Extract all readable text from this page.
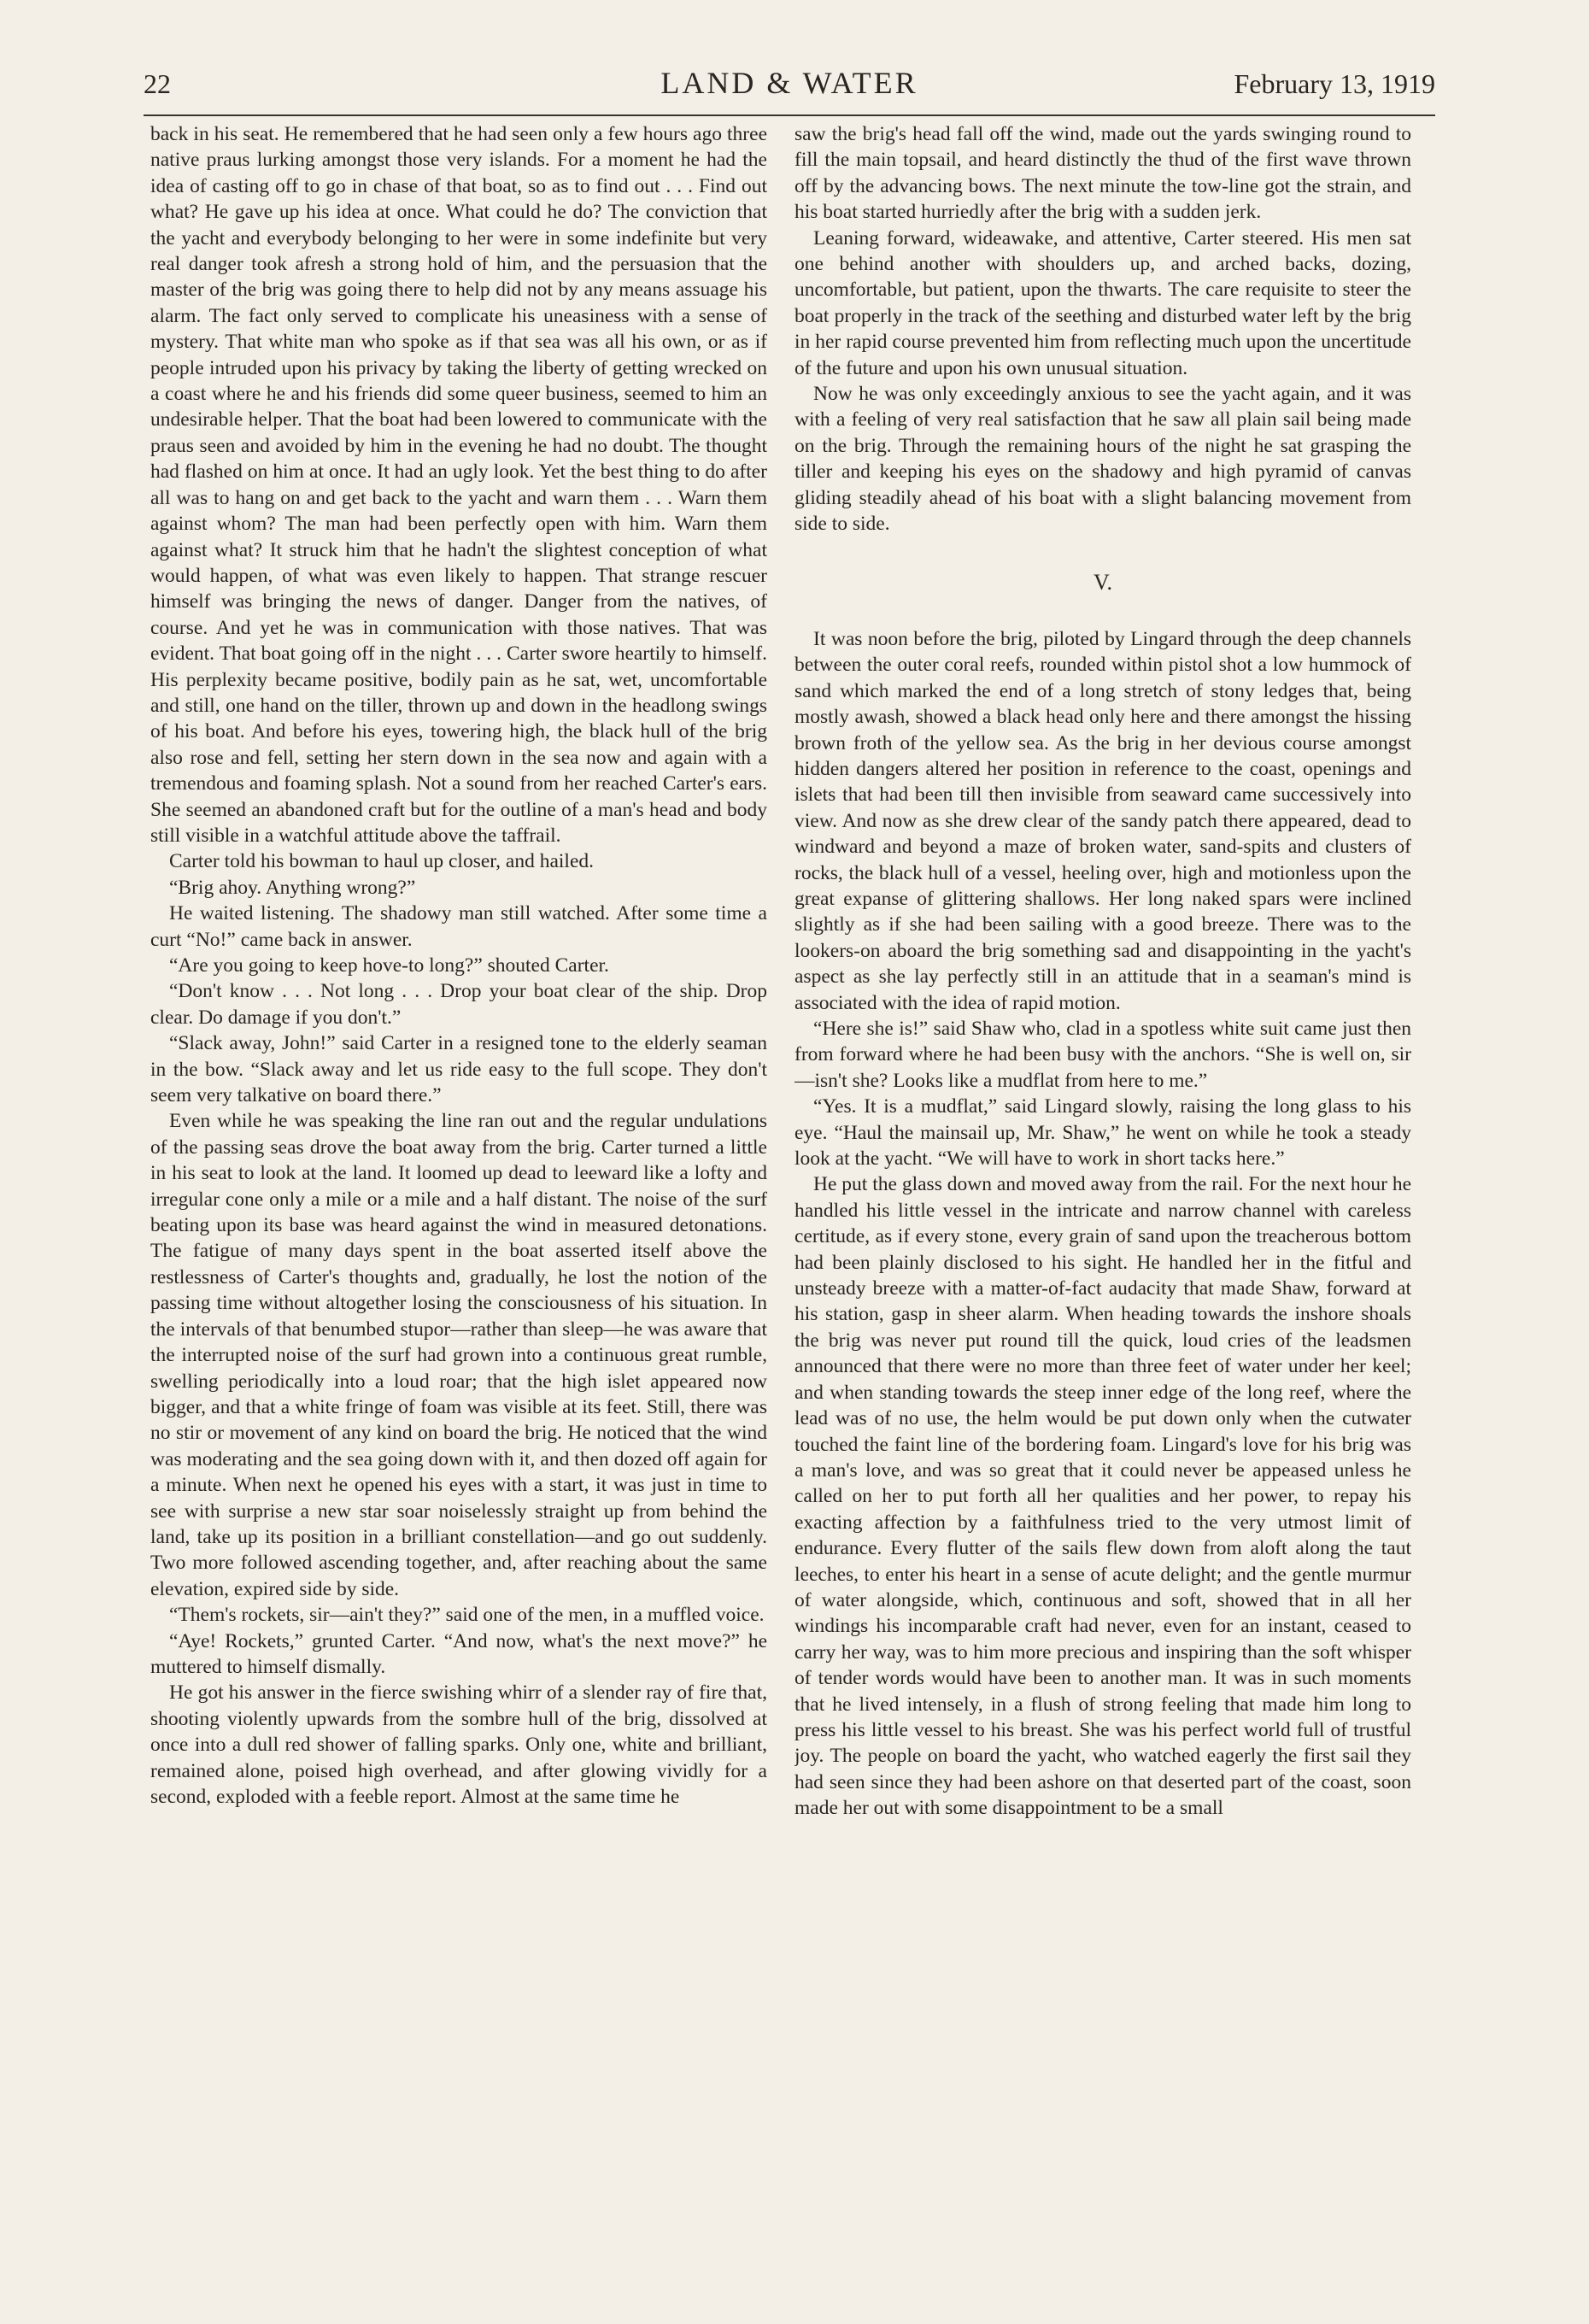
22	LAND & WATER	February 13, 1919

back in his seat. He remembered that he had seen only a few hours ago three native praus lurking amongst those very islands. For a moment he had the idea of casting off to go in chase of that boat, so as to find out . . . Find out what? He gave up his idea at once. What could he do? The conviction that the yacht and everybody belonging to her were in some indefinite but very real danger took afresh a strong hold of him, and the persuasion that the master of the brig was going there to help did not by any means assuage his alarm. The fact only served to complicate his uneasiness with a sense of mystery. That white man who spoke as if that sea was all his own, or as if people intruded upon his privacy by taking the liberty of getting wrecked on a coast where he and his friends did some queer business, seemed to him an undesirable helper. That the boat had been lowered to communicate with the praus seen and avoided by him in the evening he had no doubt. The thought had flashed on him at once. It had an ugly look. Yet the best thing to do after all was to hang on and get back to the yacht and warn them . . . Warn them against whom? The man had been perfectly open with him. Warn them against what? It struck him that he hadn't the slightest conception of what would happen, of what was even likely to happen. That strange rescuer himself was bringing the news of danger. Danger from the natives, of course. And yet he was in communication with those natives. That was evident. That boat going off in the night . . . Carter swore heartily to himself. His perplexity became positive, bodily pain as he sat, wet, uncomfortable and still, one hand on the tiller, thrown up and down in the headlong swings of his boat. And before his eyes, towering high, the black hull of the brig also rose and fell, setting her stern down in the sea now and again with a tremendous and foaming splash. Not a sound from her reached Carter's ears. She seemed an abandoned craft but for the outline of a man's head and body still visible in a watchful attitude above the taffrail.

Carter told his bowman to haul up closer, and hailed.

“Brig ahoy. Anything wrong?”

He waited listening. The shadowy man still watched. After some time a curt “No!” came back in answer.

“Are you going to keep hove-to long?” shouted Carter.

“Don't know . . . Not long . . . Drop your boat clear of the ship. Drop clear. Do damage if you don't.”

“Slack away, John!” said Carter in a resigned tone to the elderly seaman in the bow. “Slack away and let us ride easy to the full scope. They don't seem very talkative on board there.”

Even while he was speaking the line ran out and the regular undulations of the passing seas drove the boat away from the brig. Carter turned a little in his seat to look at the land. It loomed up dead to leeward like a lofty and irregular cone only a mile or a mile and a half distant. The noise of the surf beating upon its base was heard against the wind in measured detonations. The fatigue of many days spent in the boat asserted itself above the restlessness of Carter's thoughts and, gradually, he lost the notion of the passing time without altogether losing the consciousness of his situation. In the intervals of that benumbed stupor—rather than sleep—he was aware that the interrupted noise of the surf had grown into a continuous great rumble, swelling periodically into a loud roar; that the high islet appeared now bigger, and that a white fringe of foam was visible at its feet. Still, there was no stir or movement of any kind on board the brig. He noticed that the wind was moderating and the sea going down with it, and then dozed off again for a minute. When next he opened his eyes with a start, it was just in time to see with surprise a new star soar noiselessly straight up from behind the land, take up its position in a brilliant constellation—and go out suddenly. Two more followed ascending together, and, after reaching about the same elevation, expired side by side.

“Them's rockets, sir—ain't they?” said one of the men, in a muffled voice.

“Aye! Rockets,” grunted Carter. “And now, what's the next move?” he muttered to himself dismally.

He got his answer in the fierce swishing whirr of a slender ray of fire that, shooting violently upwards from the sombre hull of the brig, dissolved at once into a dull red shower of falling sparks. Only one, white and brilliant, remained alone, poised high overhead, and after glowing vividly for a second, exploded with a feeble report. Almost at the same time he

saw the brig's head fall off the wind, made out the yards swinging round to fill the main topsail, and heard distinctly the thud of the first wave thrown off by the advancing bows. The next minute the tow-line got the strain, and his boat started hurriedly after the brig with a sudden jerk.

Leaning forward, wideawake, and attentive, Carter steered. His men sat one behind another with shoulders up, and arched backs, dozing, uncomfortable, but patient, upon the thwarts. The care requisite to steer the boat properly in the track of the seething and disturbed water left by the brig in her rapid course prevented him from reflecting much upon the uncertitude of the future and upon his own unusual situation.

Now he was only exceedingly anxious to see the yacht again, and it was with a feeling of very real satisfaction that he saw all plain sail being made on the brig. Through the remaining hours of the night he sat grasping the tiller and keeping his eyes on the shadowy and high pyramid of canvas gliding steadily ahead of his boat with a slight balancing movement from side to side.

V.

It was noon before the brig, piloted by Lingard through the deep channels between the outer coral reefs, rounded within pistol shot a low hummock of sand which marked the end of a long stretch of stony ledges that, being mostly awash, showed a black head only here and there amongst the hissing brown froth of the yellow sea. As the brig in her devious course amongst hidden dangers altered her position in reference to the coast, openings and islets that had been till then invisible from seaward came successively into view. And now as she drew clear of the sandy patch there appeared, dead to windward and beyond a maze of broken water, sand-spits and clusters of rocks, the black hull of a vessel, heeling over, high and motionless upon the great expanse of glittering shallows. Her long naked spars were inclined slightly as if she had been sailing with a good breeze. There was to the lookers-on aboard the brig something sad and disappointing in the yacht's aspect as she lay perfectly still in an attitude that in a seaman's mind is associated with the idea of rapid motion.

“Here she is!” said Shaw who, clad in a spotless white suit came just then from forward where he had been busy with the anchors. “She is well on, sir—isn't she? Looks like a mudflat from here to me.”

“Yes. It is a mudflat,” said Lingard slowly, raising the long glass to his eye. “Haul the mainsail up, Mr. Shaw,” he went on while he took a steady look at the yacht. “We will have to work in short tacks here.”

He put the glass down and moved away from the rail. For the next hour he handled his little vessel in the intricate and narrow channel with careless certitude, as if every stone, every grain of sand upon the treacherous bottom had been plainly disclosed to his sight. He handled her in the fitful and unsteady breeze with a matter-of-fact audacity that made Shaw, forward at his station, gasp in sheer alarm. When heading towards the inshore shoals the brig was never put round till the quick, loud cries of the leadsmen announced that there were no more than three feet of water under her keel; and when standing towards the steep inner edge of the long reef, where the lead was of no use, the helm would be put down only when the cutwater touched the faint line of the bordering foam. Lingard's love for his brig was a man's love, and was so great that it could never be appeased unless he called on her to put forth all her qualities and her power, to repay his exacting affection by a faithfulness tried to the very utmost limit of endurance. Every flutter of the sails flew down from aloft along the taut leeches, to enter his heart in a sense of acute delight; and the gentle murmur of water alongside, which, continuous and soft, showed that in all her windings his incomparable craft had never, even for an instant, ceased to carry her way, was to him more precious and inspiring than the soft whisper of tender words would have been to another man. It was in such moments that he lived intensely, in a flush of strong feeling that made him long to press his little vessel to his breast. She was his perfect world full of trustful joy. The people on board the yacht, who watched eagerly the first sail they had seen since they had been ashore on that deserted part of the coast, soon made her out with some disappointment to be a small
